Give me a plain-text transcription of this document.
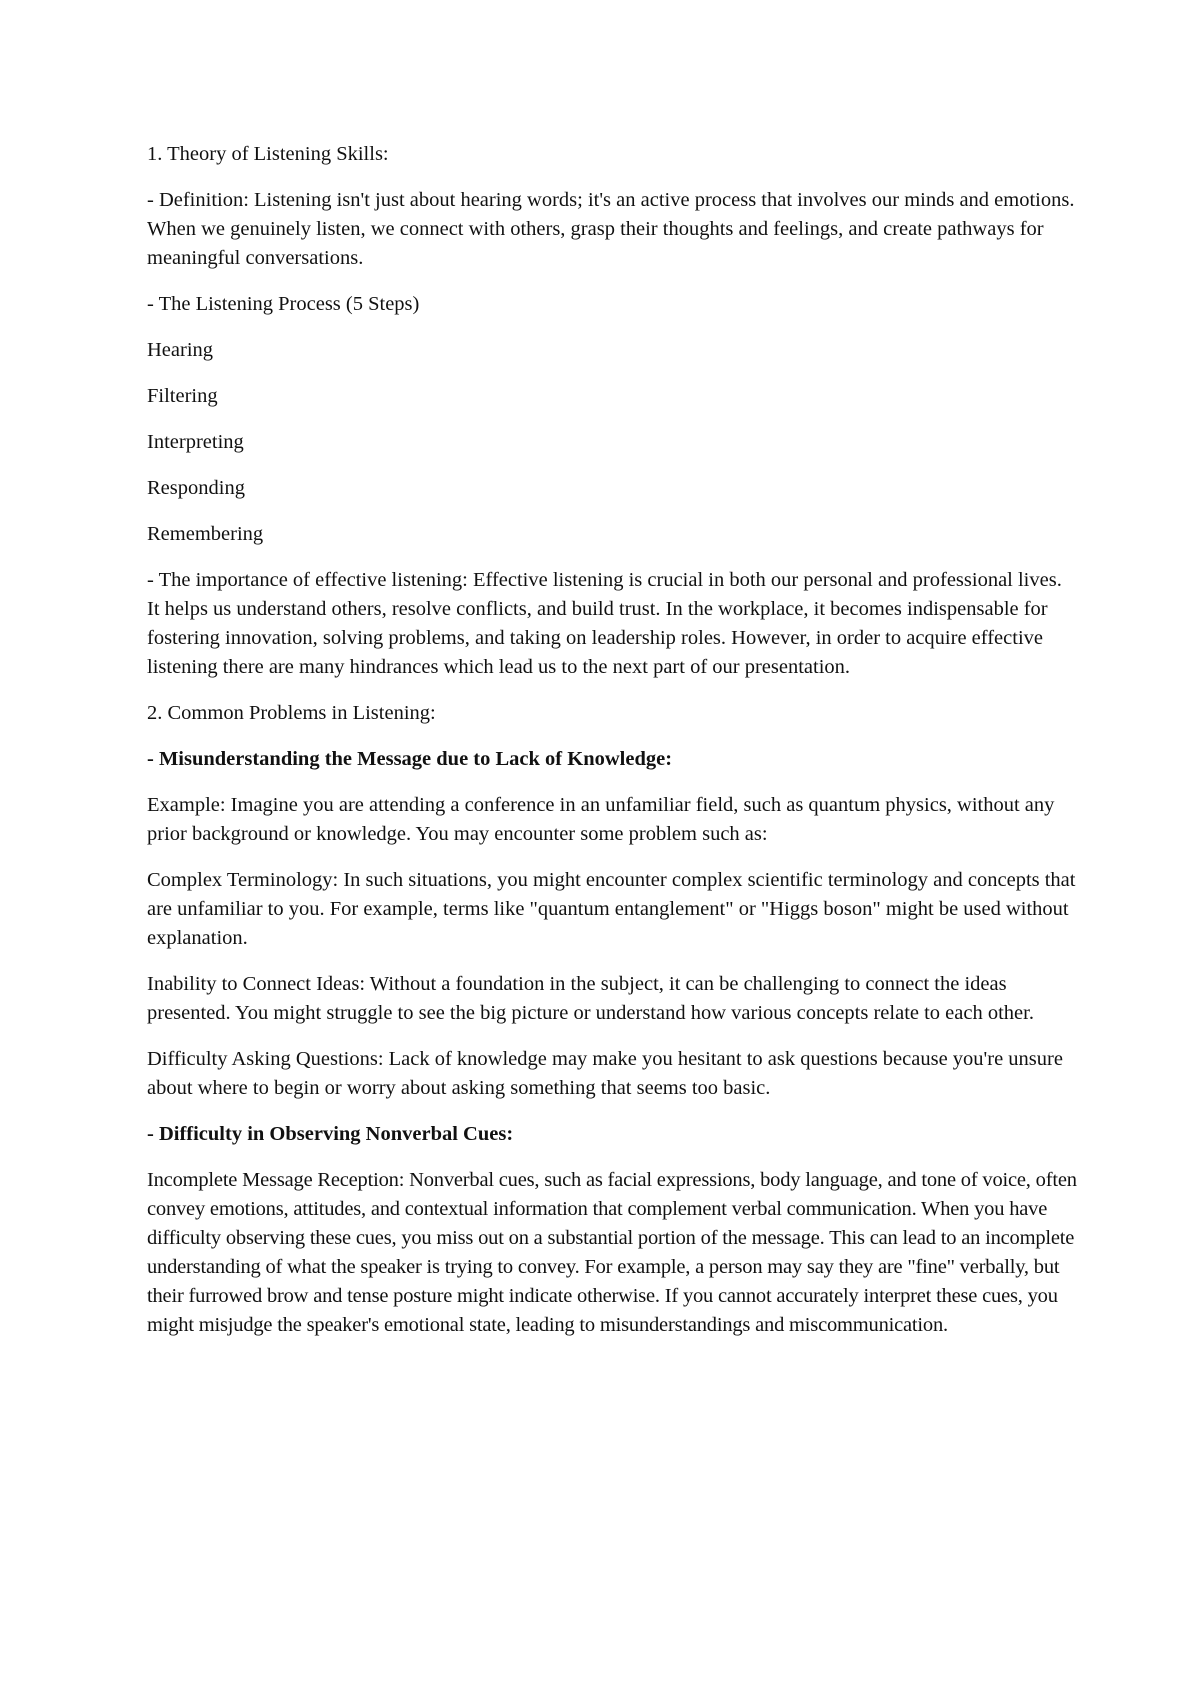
1. Theory of Listening Skills:

- Definition: Listening isn't just about hearing words; it's an active process that involves our minds and emotions. When we genuinely listen, we connect with others, grasp their thoughts and feelings, and create pathways for meaningful conversations.

- The Listening Process (5 Steps)

Hearing

Filtering

Interpreting

Responding

Remembering

- The importance of effective listening: Effective listening is crucial in both our personal and professional lives. It helps us understand others, resolve conflicts, and build trust. In the workplace, it becomes indispensable for fostering innovation, solving problems, and taking on leadership roles. However, in order to acquire effective listening there are many hindrances which lead us to the next part of our presentation.

2. Common Problems in Listening:

- Misunderstanding the Message due to Lack of Knowledge:

Example: Imagine you are attending a conference in an unfamiliar field, such as quantum physics, without any prior background or knowledge. You may encounter some problem such as:

Complex Terminology: In such situations, you might encounter complex scientific terminology and concepts that are unfamiliar to you. For example, terms like "quantum entanglement" or "Higgs boson" might be used without explanation.

Inability to Connect Ideas: Without a foundation in the subject, it can be challenging to connect the ideas presented. You might struggle to see the big picture or understand how various concepts relate to each other.

Difficulty Asking Questions: Lack of knowledge may make you hesitant to ask questions because you're unsure about where to begin or worry about asking something that seems too basic.

- Difficulty in Observing Nonverbal Cues:

Incomplete Message Reception: Nonverbal cues, such as facial expressions, body language, and tone of voice, often convey emotions, attitudes, and contextual information that complement verbal communication. When you have difficulty observing these cues, you miss out on a substantial portion of the message. This can lead to an incomplete understanding of what the speaker is trying to convey. For example, a person may say they are "fine" verbally, but their furrowed brow and tense posture might indicate otherwise. If you cannot accurately interpret these cues, you might misjudge the speaker's emotional state, leading to misunderstandings and miscommunication.
